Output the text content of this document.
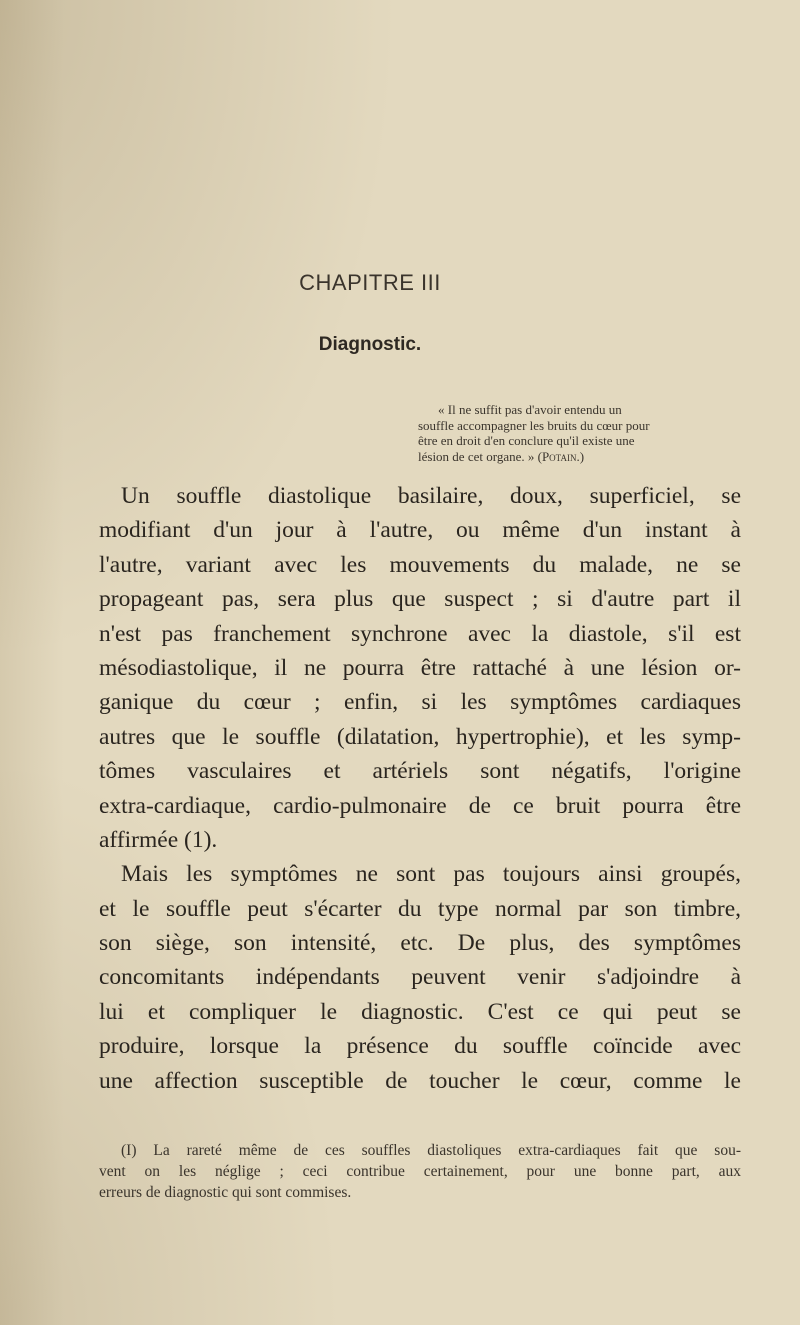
CHAPITRE III
Diagnostic.
« Il ne suffit pas d'avoir entendu un
souffle accompagner les bruits du cœur pour
être en droit d'en conclure qu'il existe une
lésion de cet organe. » (Potain.)
Un souffle diastolique basilaire, doux, superficiel, se
modifiant d'un jour à l'autre, ou même d'un instant à
l'autre, variant avec les mouvements du malade, ne se
propageant pas, sera plus que suspect ; si d'autre part il
n'est pas franchement synchrone avec la diastole, s'il est
mésodiastolique, il ne pourra être rattaché à une lésion or-
ganique du cœur ; enfin, si les symptômes cardiaques
autres que le souffle (dilatation, hypertrophie), et les symp-
tômes vasculaires et artériels sont négatifs, l'origine
extra-cardiaque, cardio-pulmonaire de ce bruit pourra être
affirmée (1).
Mais les symptômes ne sont pas toujours ainsi groupés,
et le souffle peut s'écarter du type normal par son timbre,
son siège, son intensité, etc. De plus, des symptômes
concomitants indépendants peuvent venir s'adjoindre à
lui et compliquer le diagnostic. C'est ce qui peut se
produire, lorsque la présence du souffle coïncide avec
une affection susceptible de toucher le cœur, comme le
(I) La rareté même de ces souffles diastoliques extra-cardiaques fait que sou-
vent on les néglige ; ceci contribue certainement, pour une bonne part, aux
erreurs de diagnostic qui sont commises.
